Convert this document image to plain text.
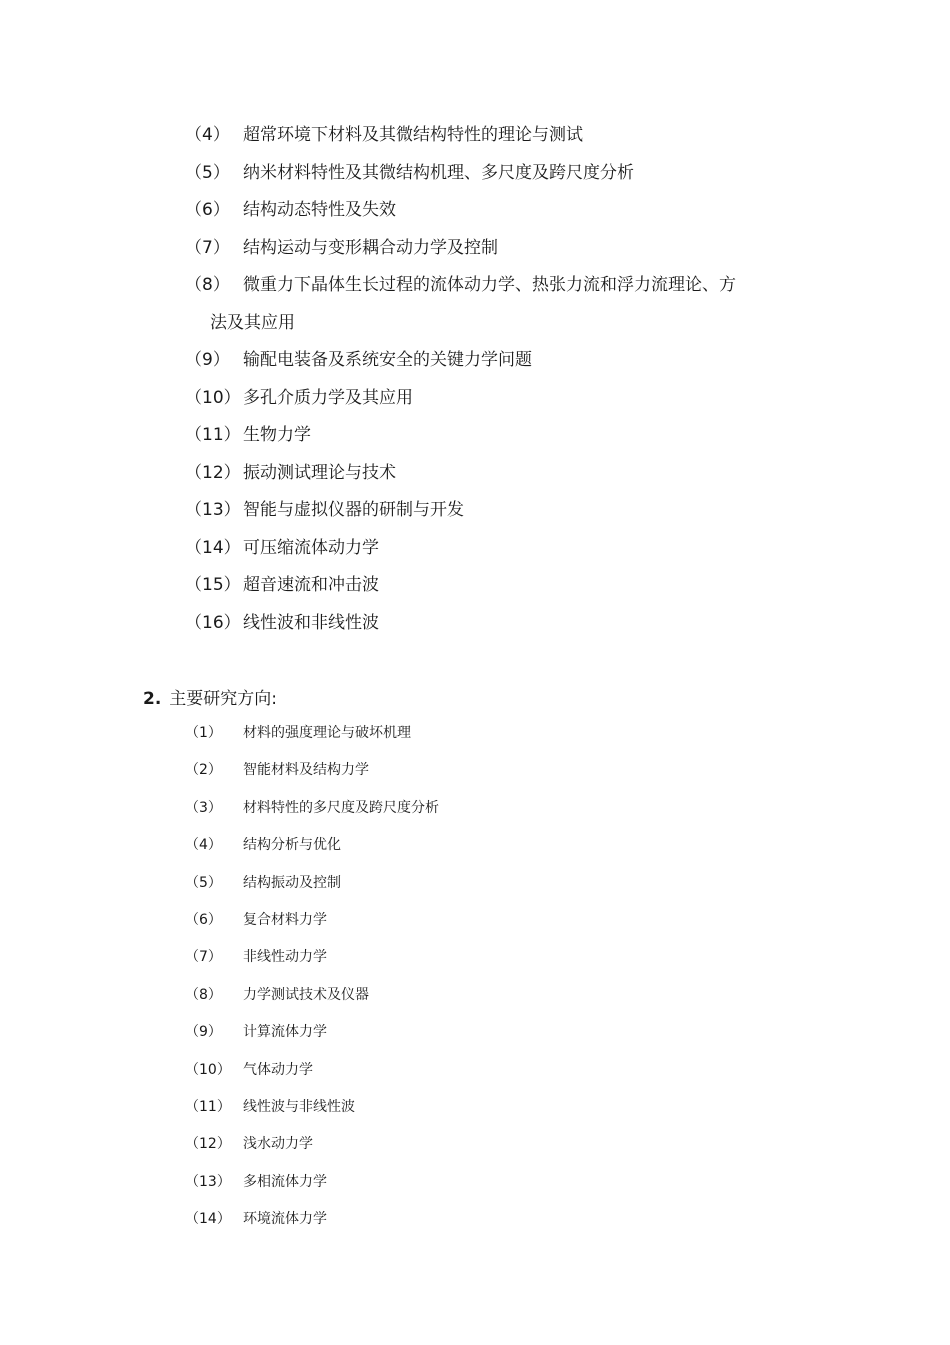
（4） 超常环境下材料及其微结构特性的理论与测试
（5） 纳米材料特性及其微结构机理、多尺度及跨尺度分析
（6） 结构动态特性及失效
（7） 结构运动与变形耦合动力学及控制
（8） 微重力下晶体生长过程的流体动力学、热张力流和浮力流理论、方
法及其应用
（9） 输配电装备及系统安全的关键力学问题
（10） 多孔介质力学及其应用
（11） 生物力学
（12） 振动测试理论与技术
（13） 智能与虚拟仪器的研制与开发
（14） 可压缩流体动力学
（15） 超音速流和冲击波
（16） 线性波和非线性波
2. 主要研究方向:
（1） 材料的强度理论与破坏机理
（2） 智能材料及结构力学
（3） 材料特性的多尺度及跨尺度分析
（4） 结构分析与优化
（5） 结构振动及控制
（6） 复合材料力学
（7） 非线性动力学
（8） 力学测试技术及仪器
（9） 计算流体力学
（10） 气体动力学
（11） 线性波与非线性波
（12） 浅水动力学
（13） 多相流体力学
（14） 环境流体力学
